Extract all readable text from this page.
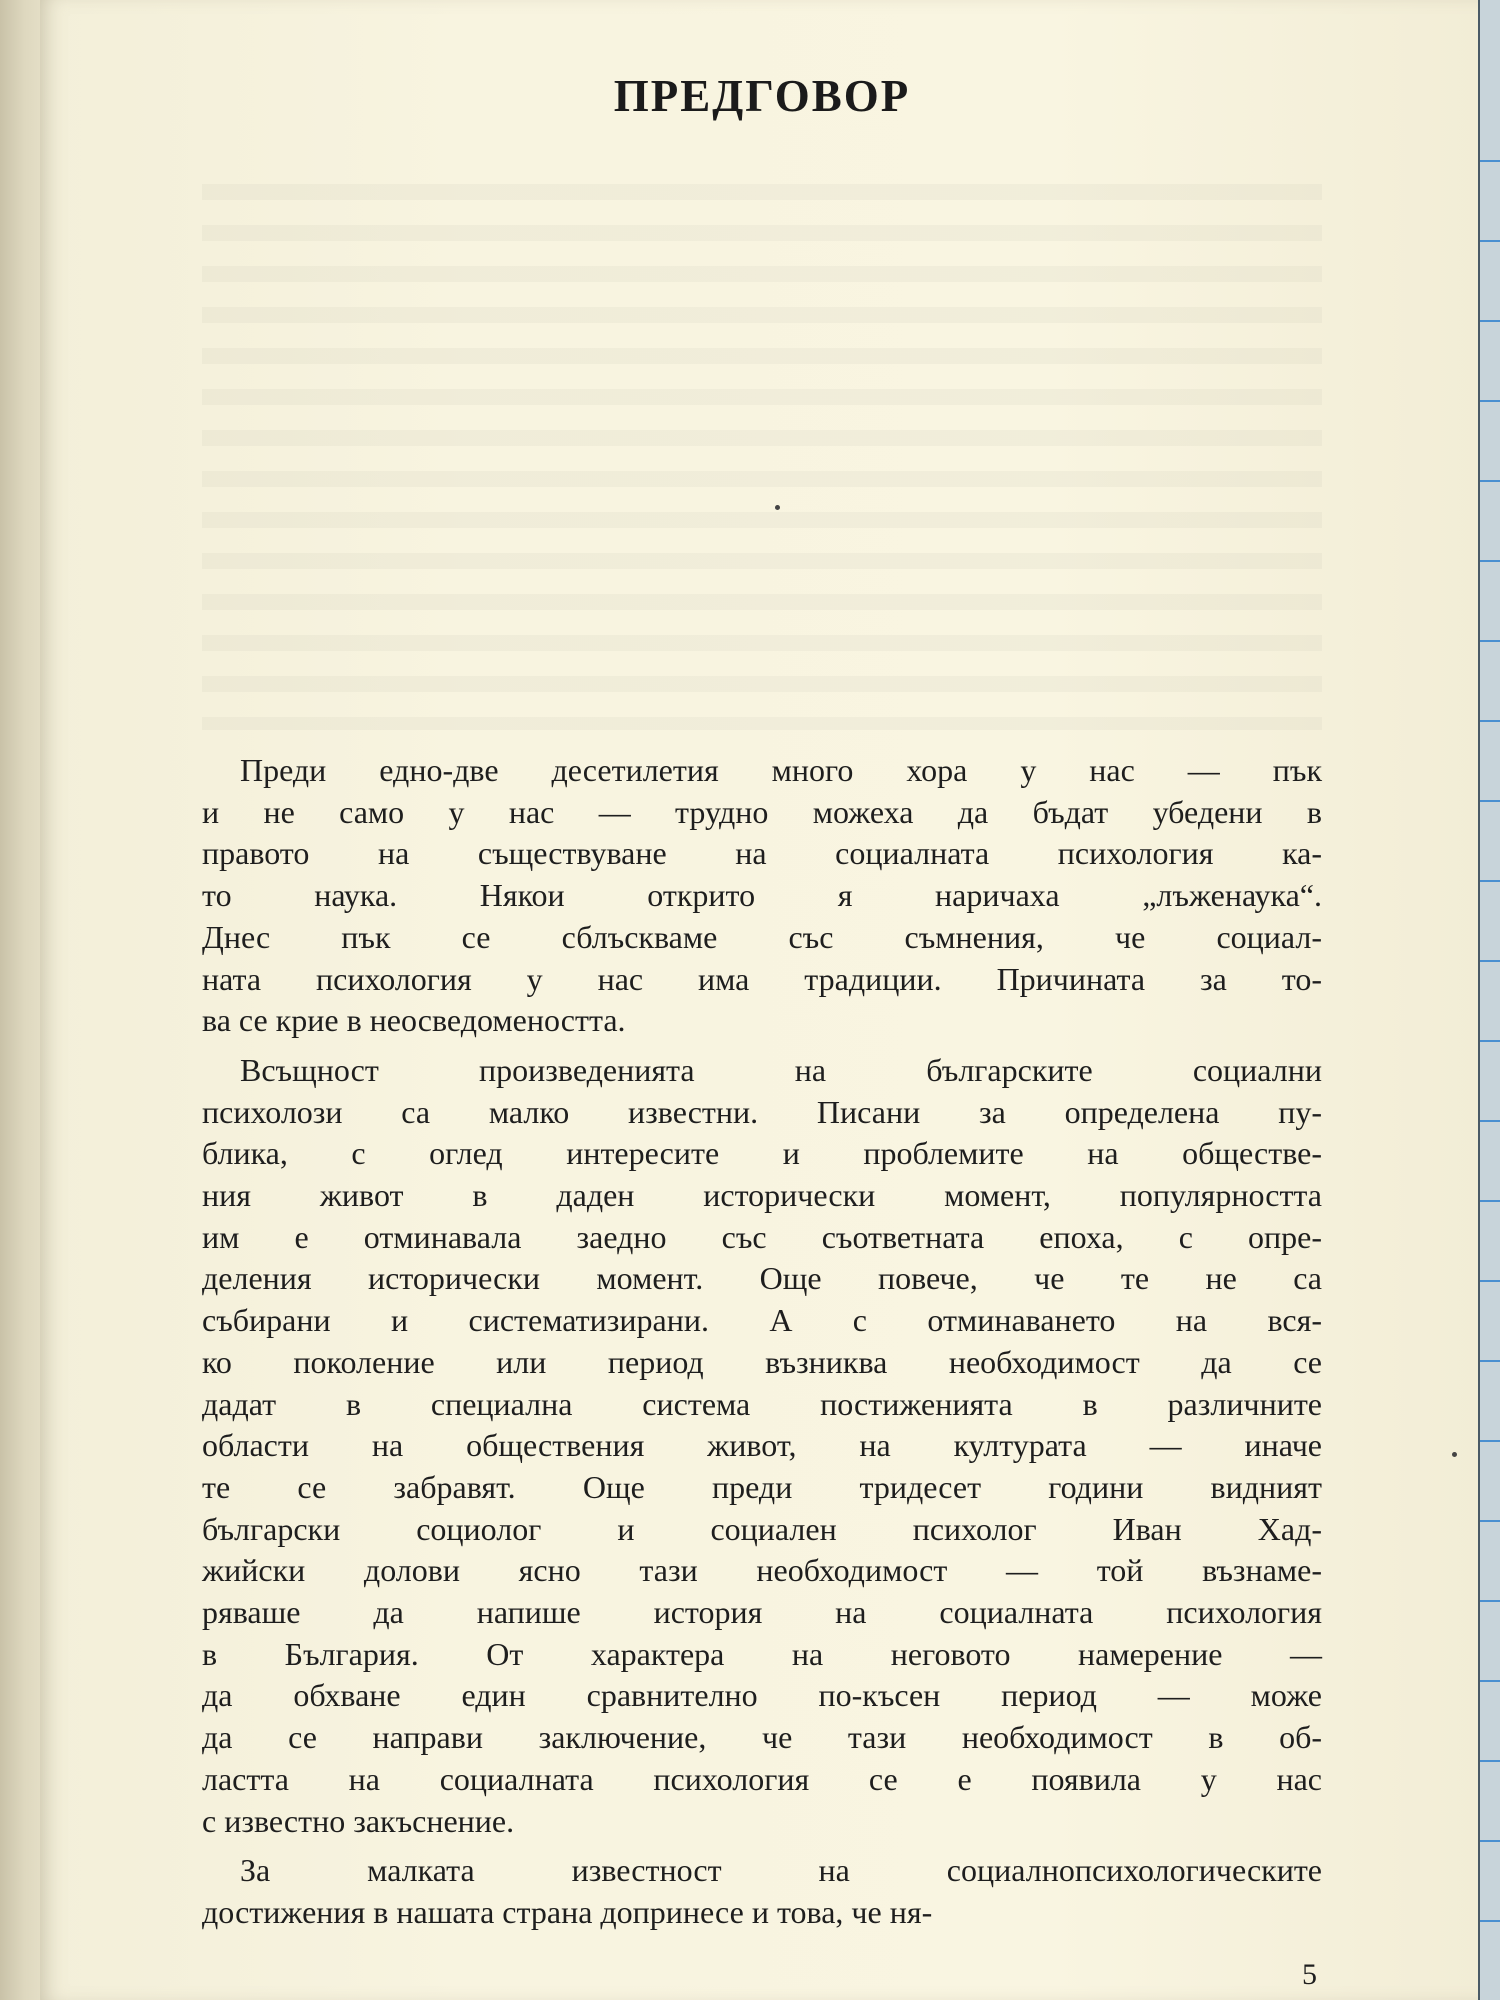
ПРЕДГОВОР
Преди едно-две десетилетия много хора у нас — пък
и не само у нас — трудно можеха да бъдат убедени в
правото на съществуване на социалната психология ка-
то наука. Някои открито я наричаха „лъженаука“.
Днес пък се сблъскваме със съмнения, че социал-
ната психология у нас има традиции. Причината за то-
ва се крие в неосведомеността.
Всъщност произведенията на българските социални
психолози са малко известни. Писани за определена пу-
блика, с оглед интересите и проблемите на обществе-
ния живот в даден исторически момент, популярността
им е отминавала заедно със съответната епоха, с опре-
деления исторически момент. Още повече, че те не са
събирани и систематизирани. А с отминаването на вся-
ко поколение или период възниква необходимост да се
дадат в специална система постиженията в различните
области на обществения живот, на културата — иначе
те се забравят. Още преди тридесет години видният
български социолог и социален психолог Иван Хад-
жийски долови ясно тази необходимост — той възнаме-
ряваше да напише история на социалната психология
в България. От характера на неговото намерение —
да обхване един сравнително по-късен период — може
да се направи заключение, че тази необходимост в об-
ластта на социалната психология се е появила у нас
с известно закъснение.
За малката известност на социалнопсихологическите
достижения в нашата страна допринесе и това, че ня-
5
